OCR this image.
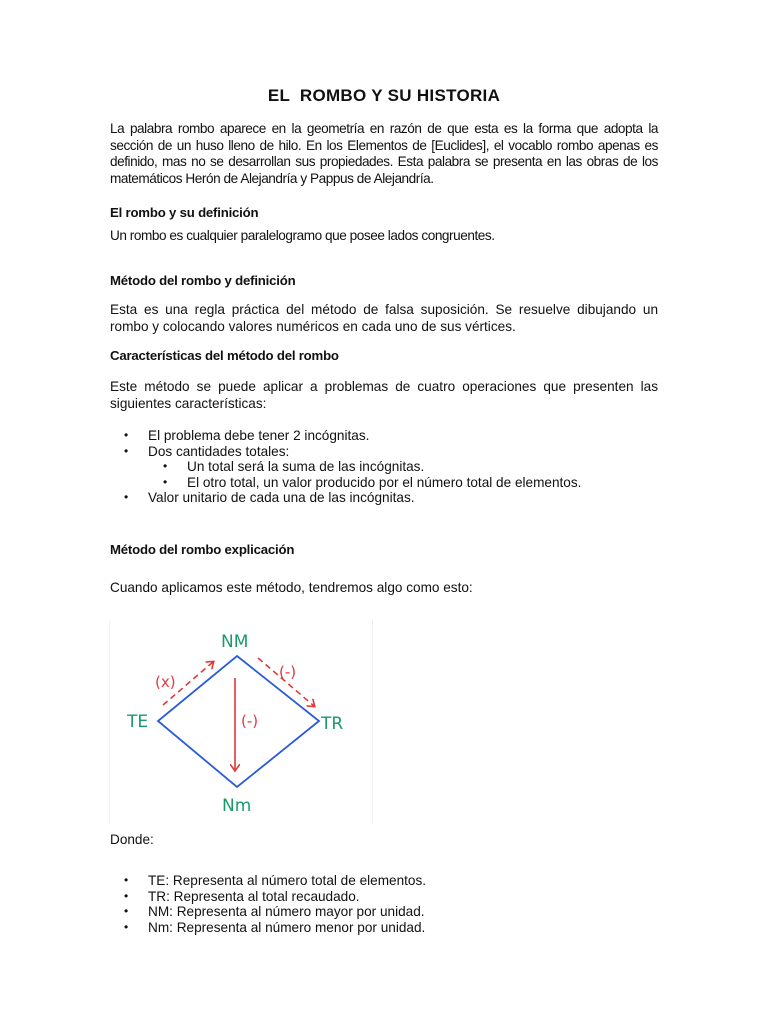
EL  ROMBO Y SU HISTORIA

La palabra rombo aparece en la geometría en razón de que esta es la forma que adopta la sección de un huso lleno de hilo. En los Elementos de [Euclides], el vocablo rombo apenas es definido, mas no se desarrollan sus propiedades. Esta palabra se presenta en las obras de los matemáticos Herón de Alejandría y Pappus de Alejandría.

El rombo y su definición

Un rombo es cualquier paralelogramo que posee lados congruentes.

Método del rombo y definición

Esta es una regla práctica del método de falsa suposición. Se resuelve dibujando un rombo y colocando valores numéricos en cada uno de sus vértices.

Características del método del rombo

Este método se puede aplicar a problemas de cuatro operaciones que presenten las siguientes características:

• El problema debe tener 2 incógnitas.
• Dos cantidades totales:
• Un total será la suma de las incógnitas.
• El otro total, un valor producido por el número total de elementos.
• Valor unitario de cada una de las incógnitas.
Método del rombo explicación

Cuando aplicamos este método, tendremos algo como esto:

NM
TE	TR
Nm
(x)
(-)
(-)
Donde:
• TE: Representa al número total de elementos.
• TR: Representa al total recaudado.
• NM: Representa al número mayor por unidad.
• Nm: Representa al número menor por unidad.
